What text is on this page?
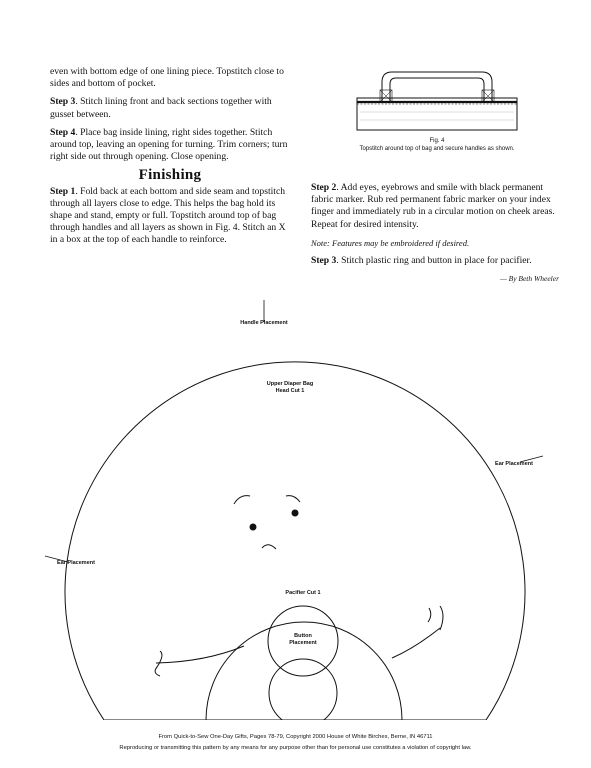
even with bottom edge of one lining piece. Topstitch close to sides and bottom of pocket.

Step 3. Stitch lining front and back sections together with gusset between.

Step 4. Place bag inside lining, right sides together. Stitch around top, leaving an opening for turning. Trim corners; turn right side out through opening. Close opening.

Finishing

Step 1. Fold back at each bottom and side seam and topstitch through all layers close to edge. This helps the bag hold its shape and stand, empty or full. Topstitch around top of bag through handles and all layers as shown in Fig. 4. Stitch an X in a box at the top of each handle to reinforce.

Fig. 4
Topstitch around top of bag and secure handles as shown.

Step 2. Add eyes, eyebrows and smile with black permanent fabric marker. Rub red permanent fabric marker on your index finger and immediately rub in a circular motion on cheek areas. Repeat for desired intensity.

Note: Features may be embroidered if desired.

Step 3. Stitch plastic ring and button in place for pacifier.

— By Beth Wheeler
Handle Placement
Upper Diaper Bag Head Cut 1
Ear Placement
Ear Placement
Pacifier Cut 1
Button Placement
From Quick-to-Sew One-Day Gifts, Pages 78-79, Copyright 2000 House of White Birches, Berne, IN 46711
Reproducing or transmitting this pattern by any means for any purpose other than for personal use constitutes a violation of copyright law.
